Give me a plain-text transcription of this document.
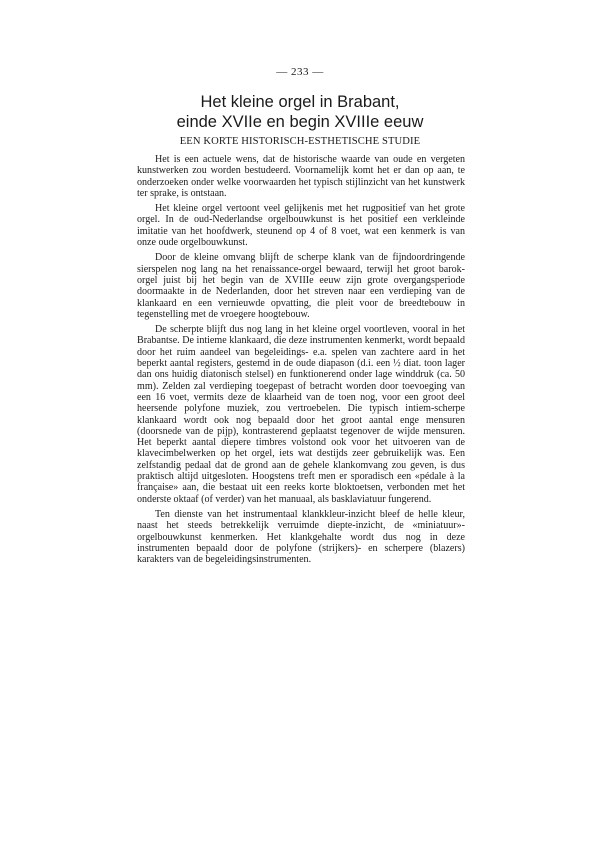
— 233 —
Het kleine orgel in Brabant,
einde XVIIe en begin XVIIIe eeuw
EEN KORTE HISTORISCH-ESTHETISCHE STUDIE

Het is een actuele wens, dat de historische waarde van oude en vergeten kunstwerken zou worden bestudeerd. Voornamelijk komt het er dan op aan, te onderzoeken onder welke voorwaarden het typisch stijlinzicht van het kunstwerk ter sprake, is ontstaan.

Het kleine orgel vertoont veel gelijkenis met het rugpositief van het grote orgel. In de oud-Nederlandse orgelbouwkunst is het positief een verkleinde imitatie van het hoofdwerk, steunend op 4 of 8 voet, wat een kenmerk is van onze oude orgelbouwkunst.

Door de kleine omvang blijft de scherpe klank van de fijndoordringende sierspelen nog lang na het renaissance-orgel bewaard, terwijl het groot barok-orgel juist bij het begin van de XVIIIe eeuw zijn grote overgangsperiode doormaakte in de Nederlanden, door het streven naar een verdieping van de klankaard en een vernieuwde opvatting, die pleit voor de breedtebouw in tegenstelling met de vroegere hoogtebouw.

De scherpte blijft dus nog lang in het kleine orgel voortleven, vooral in het Brabantse. De intieme klankaard, die deze instrumenten kenmerkt, wordt bepaald door het ruim aandeel van begeleidings- e.a. spelen van zachtere aard in het beperkt aantal registers, gestemd in de oude diapason (d.i. een ½ diat. toon lager dan ons huidig diatonisch stelsel) en funktionerend onder lage winddruk (ca. 50 mm). Zelden zal verdieping toegepast of betracht worden door toevoeging van een 16 voet, vermits deze de klaarheid van de toen nog, voor een groot deel heersende polyfone muziek, zou vertroebelen. Die typisch intiem-scherpe klankaard wordt ook nog bepaald door het groot aantal enge mensuren (doorsnede van de pijp), kontrasterend geplaatst tegenover de wijde mensuren. Het beperkt aantal diepere timbres volstond ook voor het uitvoeren van de klavecimbelwerken op het orgel, iets wat destijds zeer gebruikelijk was. Een zelfstandig pedaal dat de grond aan de gehele klankomvang zou geven, is dus praktisch altijd uitgesloten. Hoogstens treft men er sporadisch een «pédale à la française» aan, die bestaat uit een reeks korte bloktoetsen, verbonden met het onderste oktaaf (of verder) van het manuaal, als basklaviatuur fungerend.

Ten dienste van het instrumentaal klankkleur-inzicht bleef de helle kleur, naast het steeds betrekkelijk verruimde diepte-inzicht, de «miniatuur»-orgelbouwkunst kenmerken. Het klankgehalte wordt dus nog in deze instrumenten bepaald door de polyfone (strijkers)- en scherpere (blazers) karakters van de begeleidingsinstrumenten.
